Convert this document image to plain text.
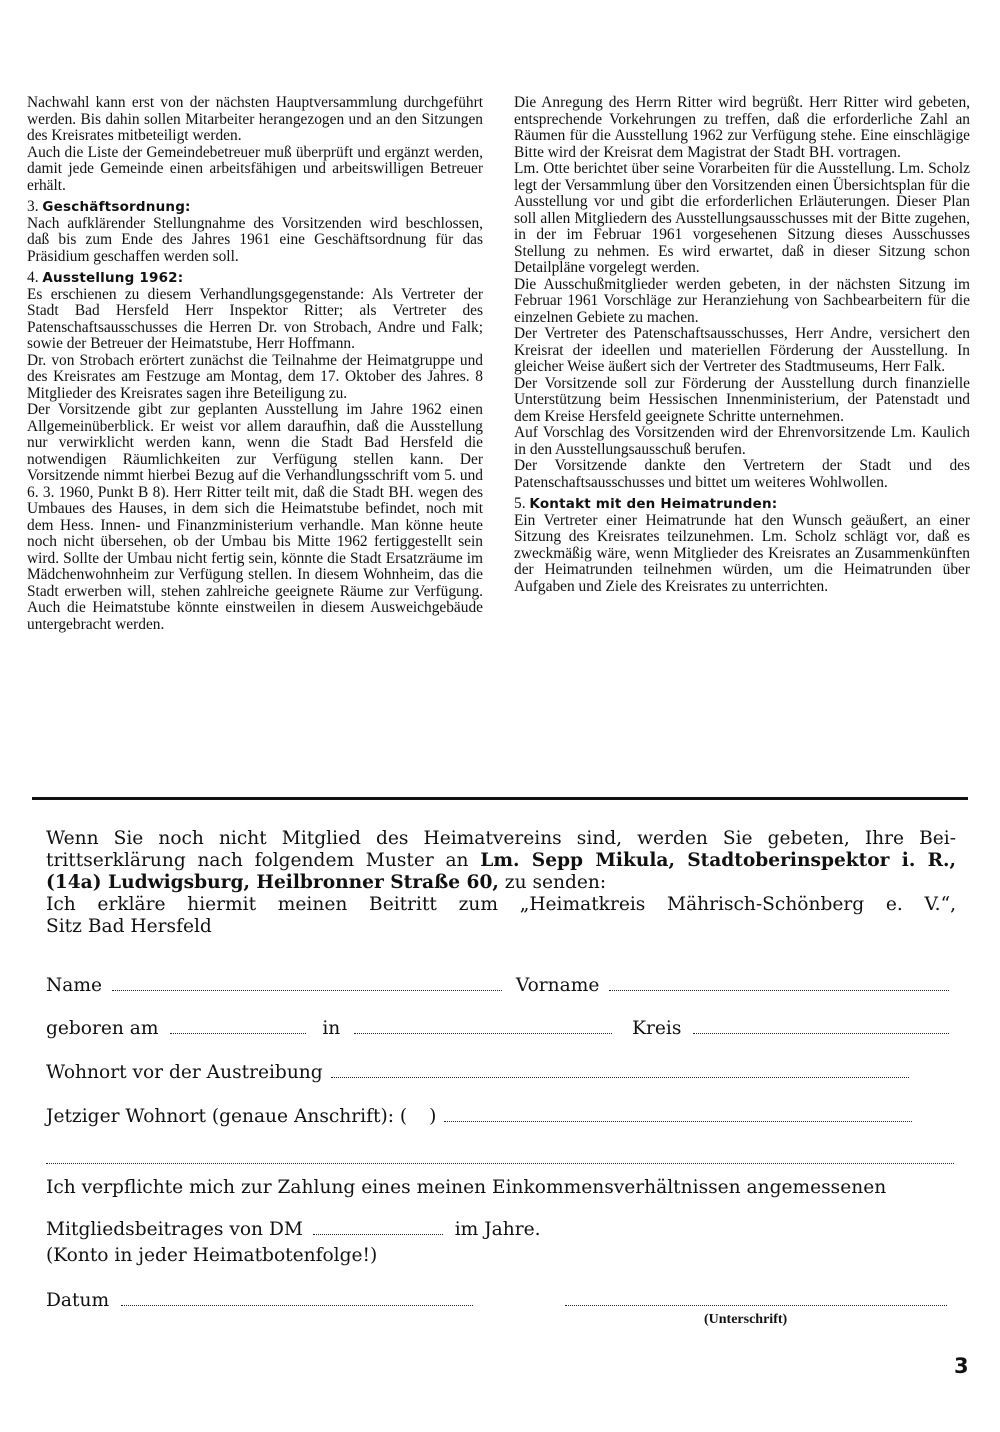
Nachwahl kann erst von der nächsten Hauptversammlung durchgeführt werden. Bis dahin sollen Mitarbeiter herangezogen und an den Sitzungen des Kreisrates mitbeteiligt werden.

Auch die Liste der Gemeindebetreuer muß überprüft und ergänzt werden, damit jede Gemeinde einen arbeitsfähigen und arbeitswilligen Betreuer erhält.

3. Geschäftsordnung:

Nach aufklärender Stellungnahme des Vorsitzenden wird beschlossen, daß bis zum Ende des Jahres 1961 eine Geschäftsordnung für das Präsidium geschaffen werden soll.

4. Ausstellung 1962:

Es erschienen zu diesem Verhandlungsgegenstande: Als Vertreter der Stadt Bad Hersfeld Herr Inspektor Ritter; als Vertreter des Patenschaftsausschusses die Herren Dr. von Strobach, Andre und Falk; sowie der Betreuer der Heimatstube, Herr Hoffmann.

Dr. von Strobach erörtert zunächst die Teilnahme der Heimatgruppe und des Kreisrates am Festzuge am Montag, dem 17. Oktober des Jahres. 8 Mitglieder des Kreisrates sagen ihre Beteiligung zu.

Der Vorsitzende gibt zur geplanten Ausstellung im Jahre 1962 einen Allgemeinüberblick. Er weist vor allem daraufhin, daß die Ausstellung nur verwirklicht werden kann, wenn die Stadt Bad Hersfeld die notwendigen Räumlichkeiten zur Verfügung stellen kann. Der Vorsitzende nimmt hierbei Bezug auf die Verhandlungsschrift vom 5. und 6. 3. 1960, Punkt B 8). Herr Ritter teilt mit, daß die Stadt BH. wegen des Umbaues des Hauses, in dem sich die Heimatstube befindet, noch mit dem Hess. Innen- und Finanzministerium verhandle. Man könne heute noch nicht übersehen, ob der Umbau bis Mitte 1962 fertiggestellt sein wird. Sollte der Umbau nicht fertig sein, könnte die Stadt Ersatzräume im Mädchenwohnheim zur Verfügung stellen. In diesem Wohnheim, das die Stadt erwerben will, stehen zahlreiche geeignete Räume zur Verfügung. Auch die Heimatstube könnte einstweilen in diesem Ausweichgebäude untergebracht werden.

Die Anregung des Herrn Ritter wird begrüßt. Herr Ritter wird gebeten, entsprechende Vorkehrungen zu treffen, daß die erforderliche Zahl an Räumen für die Ausstellung 1962 zur Verfügung stehe. Eine einschlägige Bitte wird der Kreisrat dem Magistrat der Stadt BH. vortragen.

Lm. Otte berichtet über seine Vorarbeiten für die Ausstellung. Lm. Scholz legt der Versammlung über den Vorsitzenden einen Übersichtsplan für die Ausstellung vor und gibt die erforderlichen Erläuterungen. Dieser Plan soll allen Mitgliedern des Ausstellungsausschusses mit der Bitte zugehen, in der im Februar 1961 vorgesehenen Sitzung dieses Ausschusses Stellung zu nehmen. Es wird erwartet, daß in dieser Sitzung schon Detailpläne vorgelegt werden.

Die Ausschußmitglieder werden gebeten, in der nächsten Sitzung im Februar 1961 Vorschläge zur Heranziehung von Sachbearbeitern für die einzelnen Gebiete zu machen.

Der Vertreter des Patenschaftsausschusses, Herr Andre, versichert den Kreisrat der ideellen und materiellen Förderung der Ausstellung. In gleicher Weise äußert sich der Vertreter des Stadtmuseums, Herr Falk.

Der Vorsitzende soll zur Förderung der Ausstellung durch finanzielle Unterstützung beim Hessischen Innenministerium, der Patenstadt und dem Kreise Hersfeld geeignete Schritte unternehmen.

Auf Vorschlag des Vorsitzenden wird der Ehrenvorsitzende Lm. Kaulich in den Ausstellungsausschuß berufen.

Der Vorsitzende dankte den Vertretern der Stadt und des Patenschaftsausschusses und bittet um weiteres Wohlwollen.

5. Kontakt mit den Heimatrunden:

Ein Vertreter einer Heimatrunde hat den Wunsch geäußert, an einer Sitzung des Kreisrates teilzunehmen. Lm. Scholz schlägt vor, daß es zweckmäßig wäre, wenn Mitglieder des Kreisrates an Zusammenkünften der Heimatrunden teilnehmen würden, um die Heimatrunden über Aufgaben und Ziele des Kreisrates zu unterrichten.

Wenn Sie noch nicht Mitglied des Heimatvereins sind, werden Sie gebeten, Ihre Bei-
trittserklärung nach folgendem Muster an Lm. Sepp Mikula, Stadtoberinspektor i. R.,
(14a) Ludwigsburg, Heilbronner Straße 60, zu senden:
Ich erkläre hiermit meinen Beitritt zum „Heimatkreis Mährisch-Schönberg e. V.“,
Sitz Bad Hersfeld
Name	Vorname
geboren am	in	Kreis
Wohnort vor der Austreibung
Jetziger Wohnort (genaue Anschrift): ( )
Ich verpflichte mich zur Zahlung eines meinen Einkommensverhältnissen angemessenen
Mitgliedsbeitrages von DM	im Jahre.
(Konto in jeder Heimatbotenfolge!)
Datum
(Unterschrift)
3
